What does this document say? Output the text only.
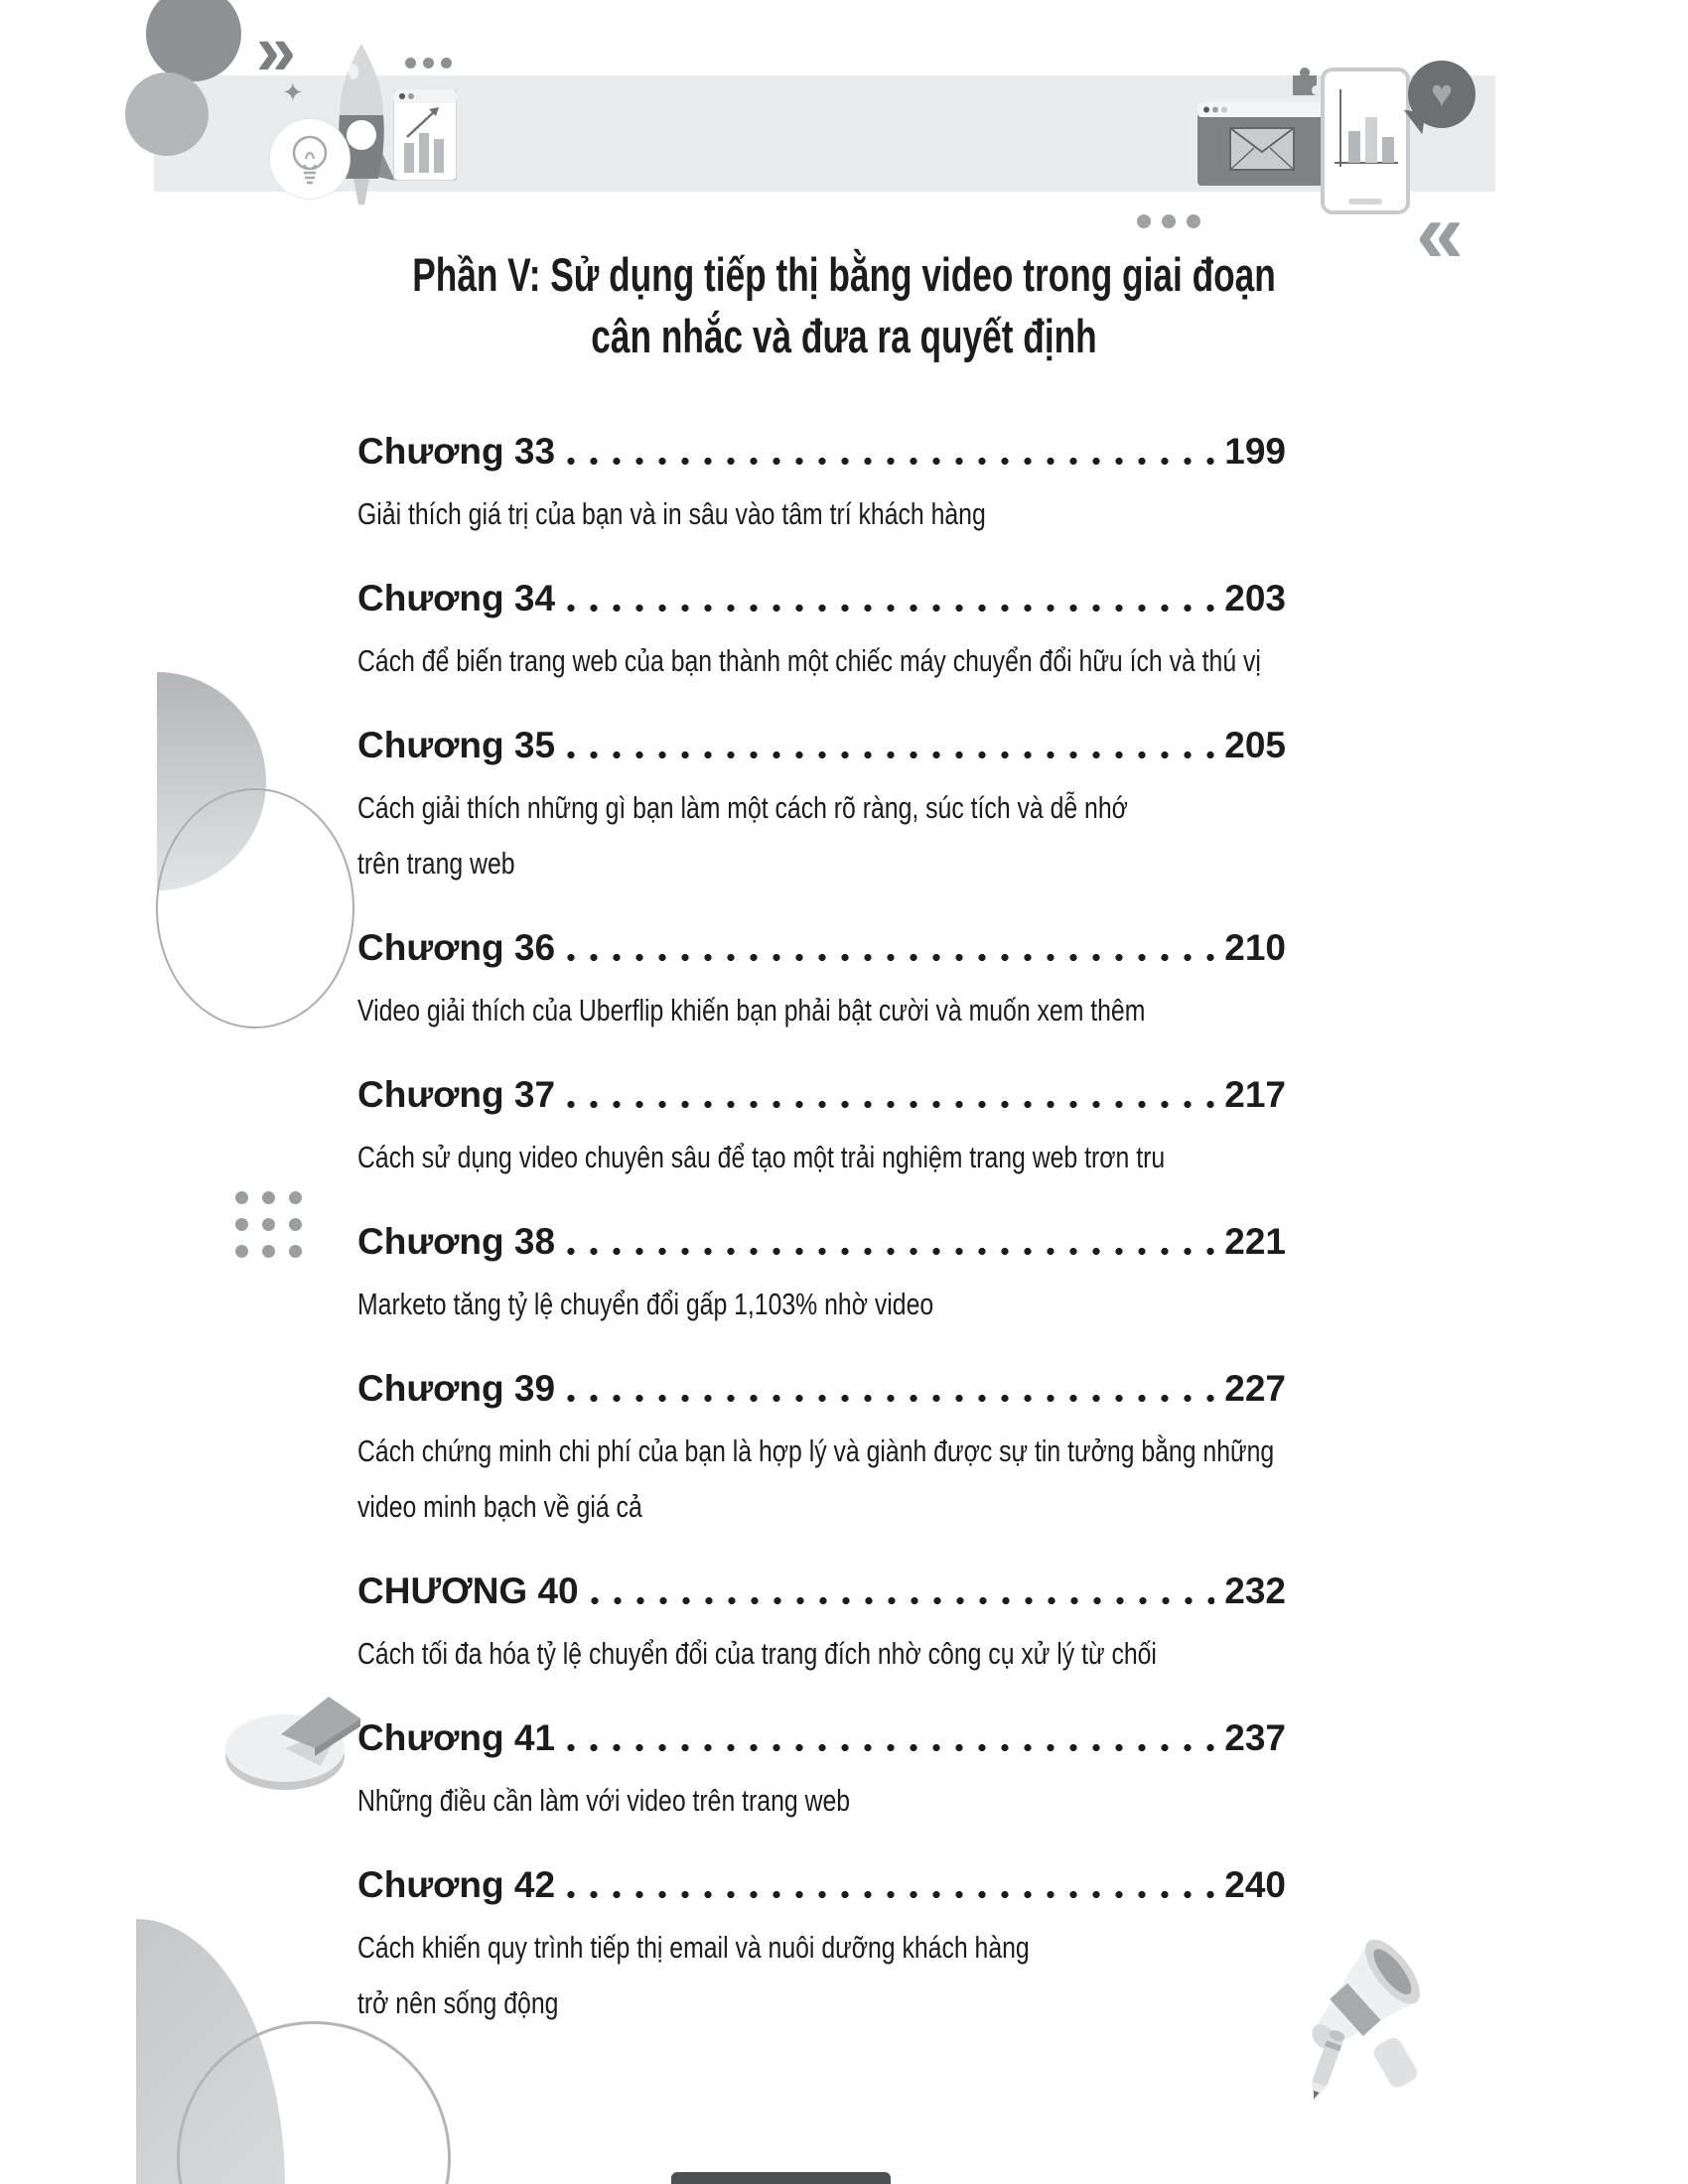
»
✦	♥
«
Phần V: Sử dụng tiếp thị bằng video trong giai đoạn
cân nhắc và đưa ra quyết định
Chương 33	199
Giải thích giá trị của bạn và in sâu vào tâm trí khách hàng
Chương 34	203
Cách để biến trang web của bạn thành một chiếc máy chuyển đổi hữu ích và thú vị
Chương 35	205
Cách giải thích những gì bạn làm một cách rõ ràng, súc tích và dễ nhớ
trên trang web
Chương 36	210
Video giải thích của Uberflip khiến bạn phải bật cười và muốn xem thêm
Chương 37	217
Cách sử dụng video chuyên sâu để tạo một trải nghiệm trang web trơn tru
Chương 38	221
Marketo tăng tỷ lệ chuyển đổi gấp 1,103% nhờ video
Chương 39	227
Cách chứng minh chi phí của bạn là hợp lý và giành được sự tin tưởng bằng những
video minh bạch về giá cả
CHƯƠNG 40	232
Cách tối đa hóa tỷ lệ chuyển đổi của trang đích nhờ công cụ xử lý từ chối
Chương 41	237
Những điều cần làm với video trên trang web
Chương 42	240
Cách khiến quy trình tiếp thị email và nuôi dưỡng khách hàng
trở nên sống động
